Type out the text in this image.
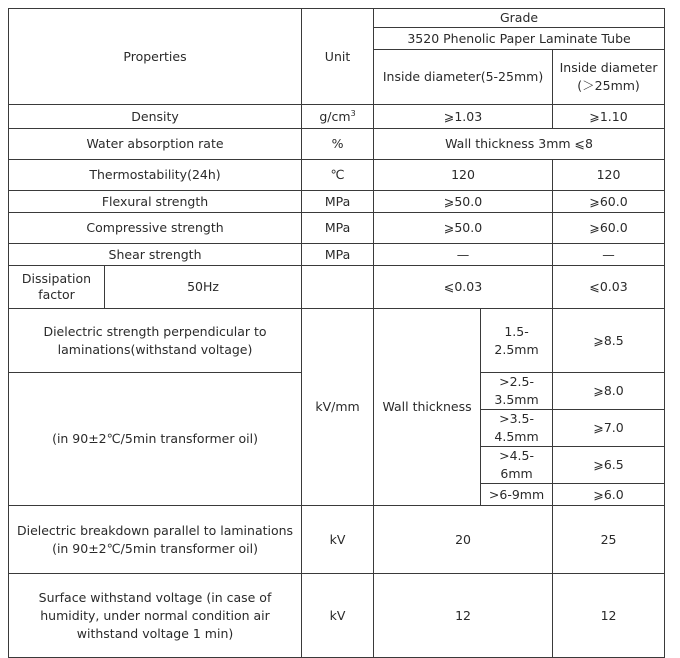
Properties		Unit	Grade			
			3520 Phenolic Paper Laminate Tube			
			Inside diameter(5-25mm)		Inside diameter
(＞25mm)	
Density		$g/cm^3$	⩾1.03		⩾1.10	
Water absorption rate		%	Wall thickness 3mm ⩽8			
Thermostability(24h)		℃	120		120	
Flexural strength		MPa	⩾50.0		⩾60.0	
Compressive strength		MPa	⩾50.0		⩾60.0	
Shear strength		MPa	—		—	
Dissipation factor	50Hz		⩽0.03		⩽0.03	
Dielectric strength perpendicular to laminations(withstand voltage)		kV/mm	Wall thickness	1.5-2.5mm	⩾8.5	
(in 90±2℃/5min transformer oil)				>2.5-3.5mm	⩾8.0	
				>3.5-4.5mm	⩾7.0	
				>4.5-6mm	⩾6.5	
				>6-9mm	⩾6.0	
Dielectric breakdown parallel to laminations (in 90±2℃/5min transformer oil)		kV	20		25	
Surface withstand voltage (in case of humidity, under normal condition air withstand voltage 1 min)		kV	12		12	
